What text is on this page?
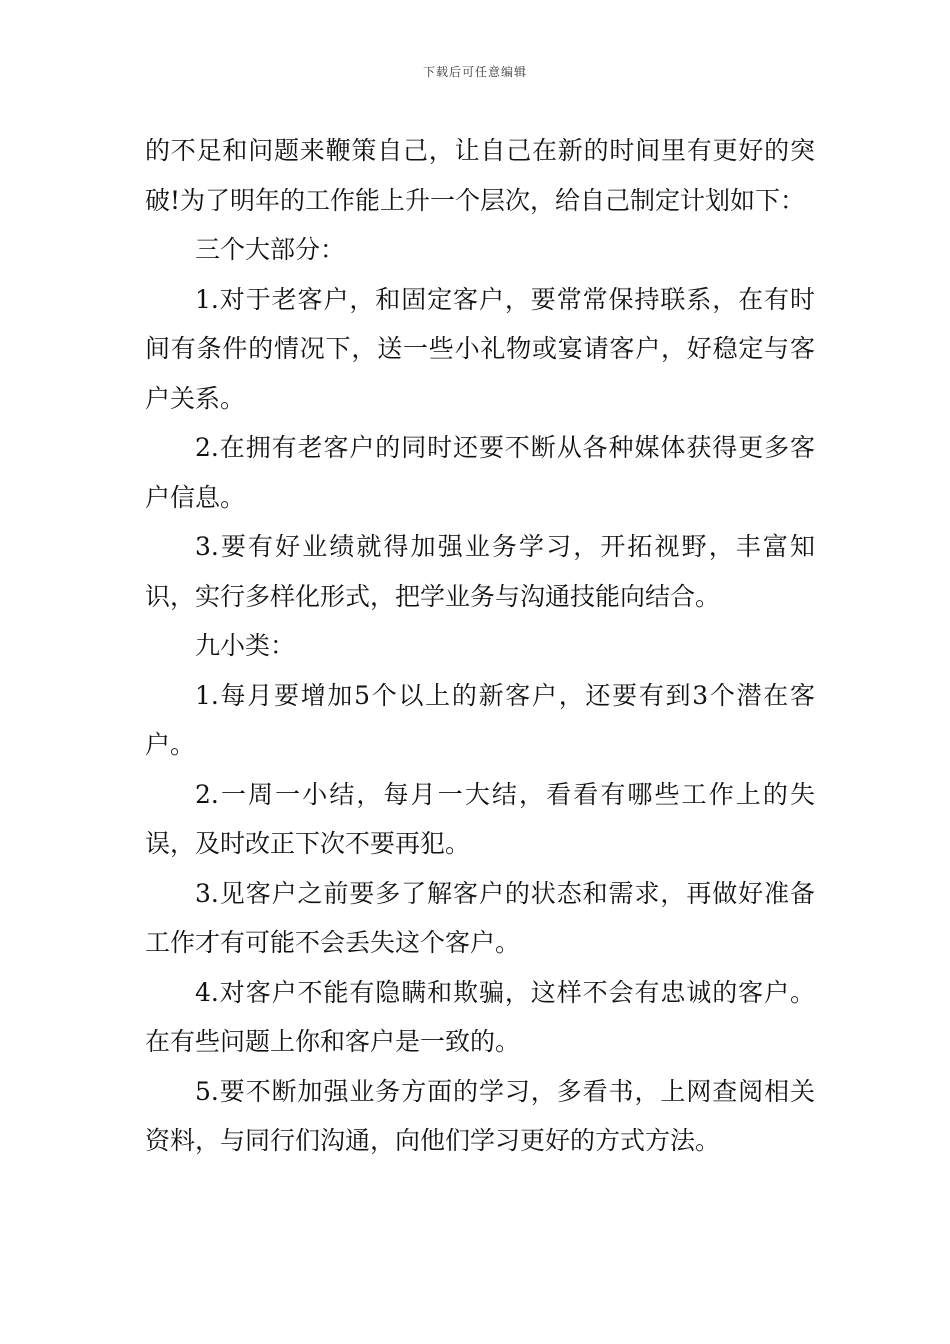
下载后可任意编辑

的不足和问题来鞭策自己，让自己在新的时间里有更好的突破!为了明年的工作能上升一个层次，给自己制定计划如下：

三个大部分：

1.对于老客户，和固定客户，要常常保持联系，在有时间有条件的情况下，送一些小礼物或宴请客户，好稳定与客户关系。

2.在拥有老客户的同时还要不断从各种媒体获得更多客户信息。

3.要有好业绩就得加强业务学习，开拓视野，丰富知识，实行多样化形式，把学业务与沟通技能向结合。

九小类：

1.每月要增加5个以上的新客户，还要有到3个潜在客户。

2.一周一小结，每月一大结，看看有哪些工作上的失误，及时改正下次不要再犯。

3.见客户之前要多了解客户的状态和需求，再做好准备工作才有可能不会丢失这个客户。

4.对客户不能有隐瞒和欺骗，这样不会有忠诚的客户。在有些问题上你和客户是一致的。

5.要不断加强业务方面的学习，多看书，上网查阅相关资料，与同行们沟通，向他们学习更好的方式方法。
